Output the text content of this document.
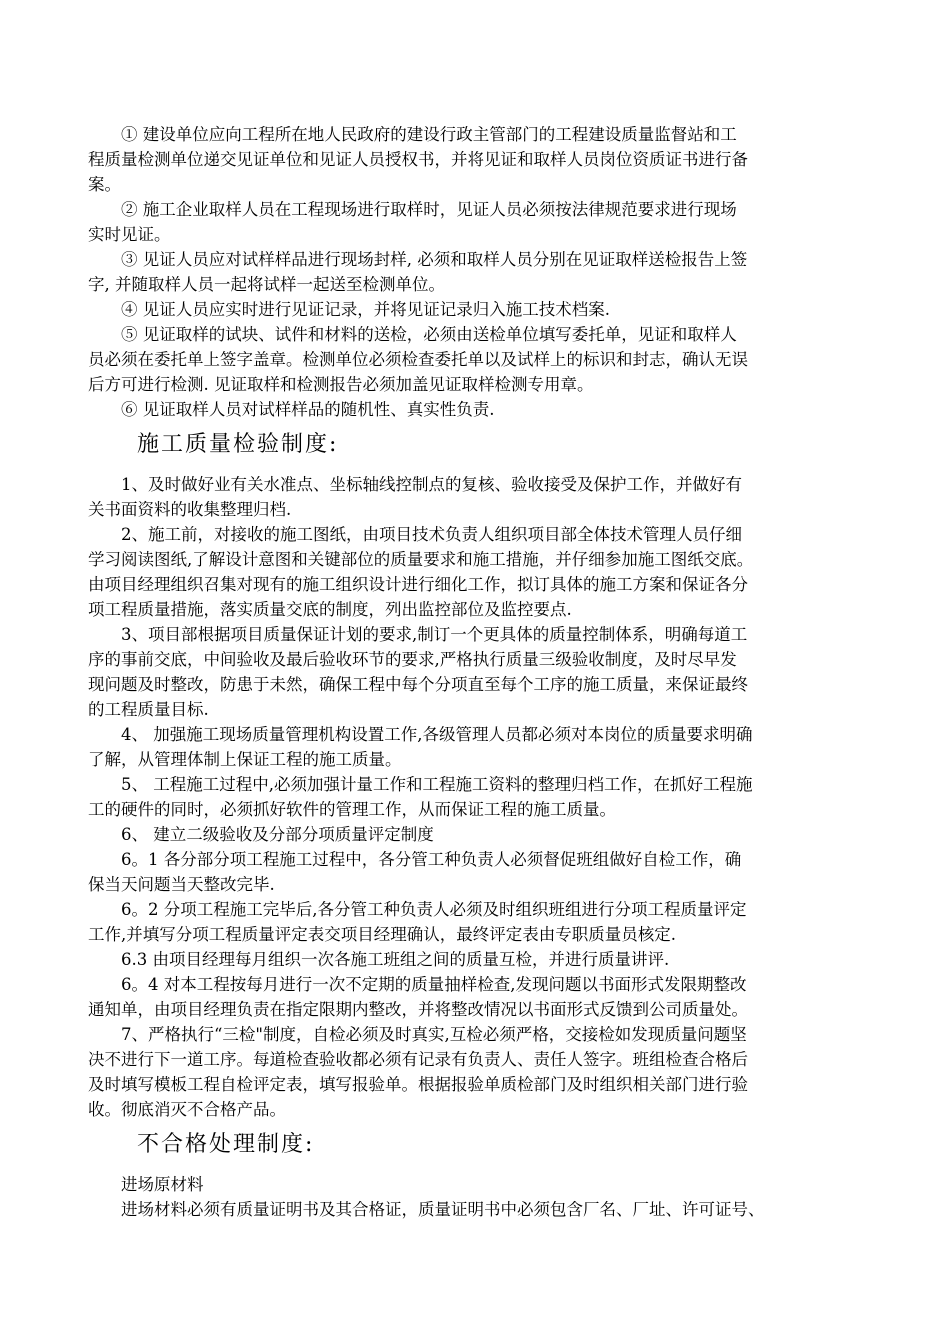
　　① 建设单位应向工程所在地人民政府的建设行政主管部门的工程建设质量监督站和工
程质量检测单位递交见证单位和见证人员授权书，并将见证和取样人员岗位资质证书进行备
案。
　　② 施工企业取样人员在工程现场进行取样时，见证人员必须按法律规范要求进行现场
实时见证。
　　③ 见证人员应对试样样品进行现场封样, 必须和取样人员分别在见证取样送检报告上签
字, 并随取样人员一起将试样一起送至检测单位。
　　④ 见证人员应实时进行见证记录，并将见证记录归入施工技术档案.
　　⑤ 见证取样的试块、试件和材料的送检，必须由送检单位填写委托单，见证和取样人
员必须在委托单上签字盖章。检测单位必须检查委托单以及试样上的标识和封志，确认无误
后方可进行检测. 见证取样和检测报告必须加盖见证取样检测专用章。
　　⑥ 见证取样人员对试样样品的随机性、真实性负责.
施工质量检验制度:
　　1、及时做好业有关水准点、坐标轴线控制点的复核、验收接受及保护工作，并做好有
关书面资料的收集整理归档.
　　2、施工前，对接收的施工图纸，由项目技术负责人组织项目部全体技术管理人员仔细
学习阅读图纸,了解设计意图和关键部位的质量要求和施工措施，并仔细参加施工图纸交底。
由项目经理组织召集对现有的施工组织设计进行细化工作，拟订具体的施工方案和保证各分
项工程质量措施，落实质量交底的制度，列出监控部位及监控要点.
　　3、项目部根据项目质量保证计划的要求,制订一个更具体的质量控制体系，明确每道工
序的事前交底，中间验收及最后验收环节的要求,严格执行质量三级验收制度，及时尽早发
现问题及时整改，防患于未然，确保工程中每个分项直至每个工序的施工质量，来保证最终
的工程质量目标.
　　4、 加强施工现场质量管理机构设置工作,各级管理人员都必须对本岗位的质量要求明确
了解，从管理体制上保证工程的施工质量。
　　5、 工程施工过程中,必须加强计量工作和工程施工资料的整理归档工作，在抓好工程施
工的硬件的同时，必须抓好软件的管理工作，从而保证工程的施工质量。
　　6、 建立二级验收及分部分项质量评定制度
　　6。1 各分部分项工程施工过程中，各分管工种负责人必须督促班组做好自检工作，确
保当天问题当天整改完毕.
　　6。2 分项工程施工完毕后,各分管工种负责人必须及时组织班组进行分项工程质量评定
工作,并填写分项工程质量评定表交项目经理确认，最终评定表由专职质量员核定.
　　6.3 由项目经理每月组织一次各施工班组之间的质量互检，并进行质量讲评.
　　6。4 对本工程按每月进行一次不定期的质量抽样检查,发现问题以书面形式发限期整改
通知单，由项目经理负责在指定限期内整改，并将整改情况以书面形式反馈到公司质量处。
　　7、严格执行“三检"制度，自检必须及时真实,互检必须严格，交接检如发现质量问题坚
决不进行下一道工序。每道检查验收都必须有记录有负责人、责任人签字。班组检查合格后
及时填写模板工程自检评定表，填写报验单。根据报验单质检部门及时组织相关部门进行验
收。彻底消灭不合格产品。
不合格处理制度:
　　进场原材料
　　进场材料必须有质量证明书及其合格证，质量证明书中必须包含厂名、厂址、许可证号、
